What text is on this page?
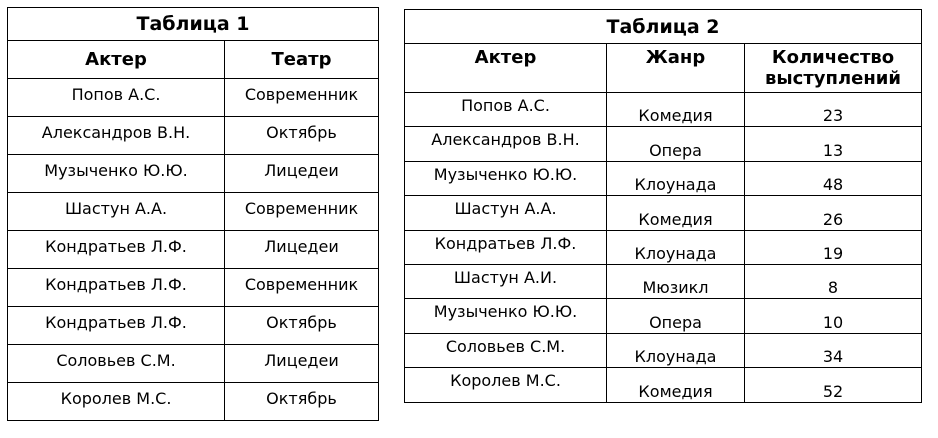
Таблица 1	
Актер	Театр
Попов А.С.	Современник
Александров В.Н.	Октябрь
Музыченко Ю.Ю.	Лицедеи
Шастун А.А.	Современник
Кондратьев Л.Ф.	Лицедеи
Кондратьев Л.Ф.	Современник
Кондратьев Л.Ф.	Октябрь
Соловьев С.М.	Лицедеи
Королев М.С.	Октябрь
Таблица 2		
Актер	Жанр	Количество выступлений
Попов А.С.	Комедия	23
Александров В.Н.	Опера	13
Музыченко Ю.Ю.	Клоунада	48
Шастун А.А.	Комедия	26
Кондратьев Л.Ф.	Клоунада	19
Шастун А.И.	Мюзикл	8
Музыченко Ю.Ю.	Опера	10
Соловьев С.М.	Клоунада	34
Королев М.С.	Комедия	52
